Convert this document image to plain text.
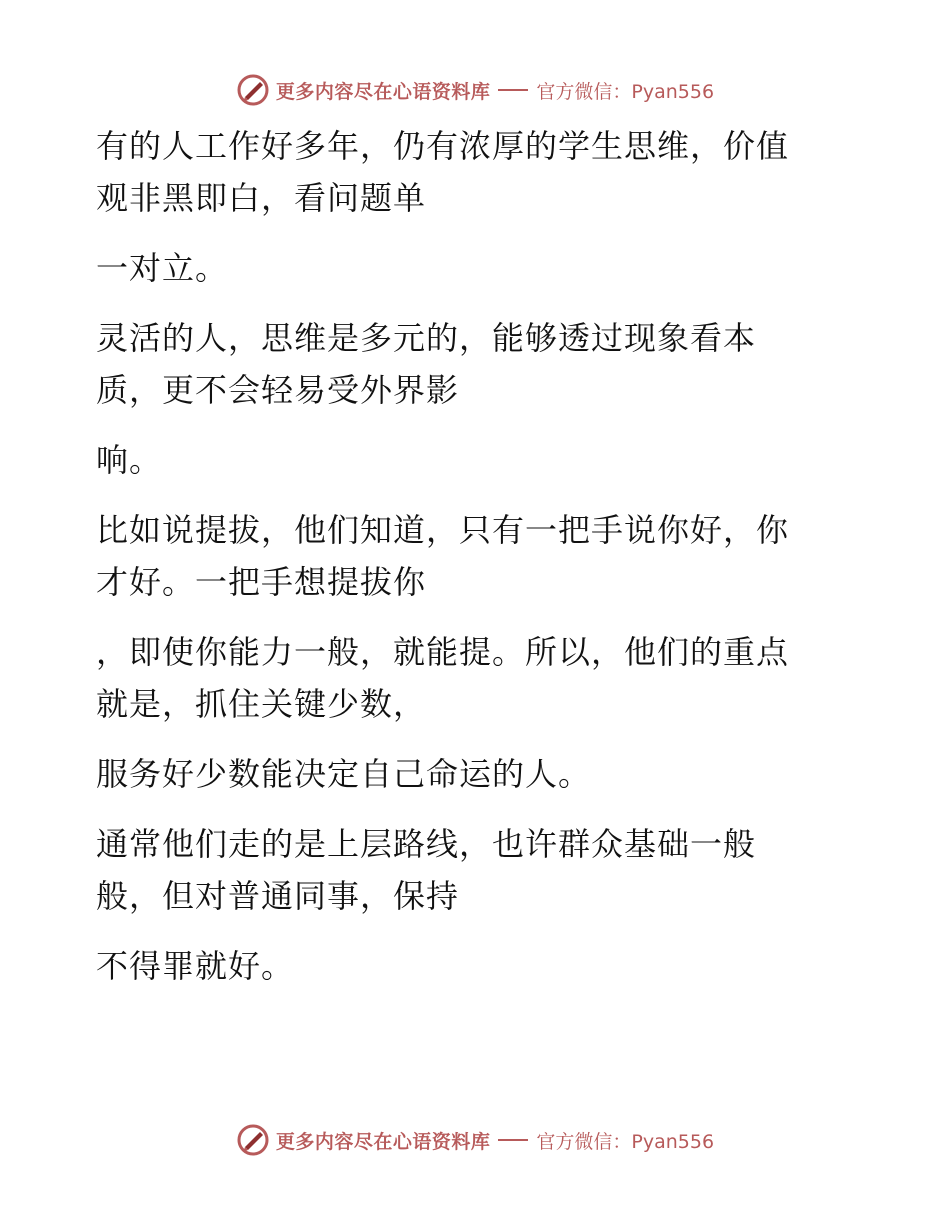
更多内容尽在心语资料库 官方微信：Pyan556

有的人工作好多年，仍有浓厚的学生思维，价值
观非黑即白，看问题单

一对立。

灵活的人，思维是多元的，能够透过现象看本
质，更不会轻易受外界影

响。

比如说提拔，他们知道，只有一把手说你好，你
才好。一把手想提拔你

，即使你能力一般，就能提。所以，他们的重点
就是，抓住关键少数，

服务好少数能决定自己命运的人。

通常他们走的是上层路线，也许群众基础一般
般，但对普通同事，保持

不得罪就好。

更多内容尽在心语资料库 官方微信：Pyan556
